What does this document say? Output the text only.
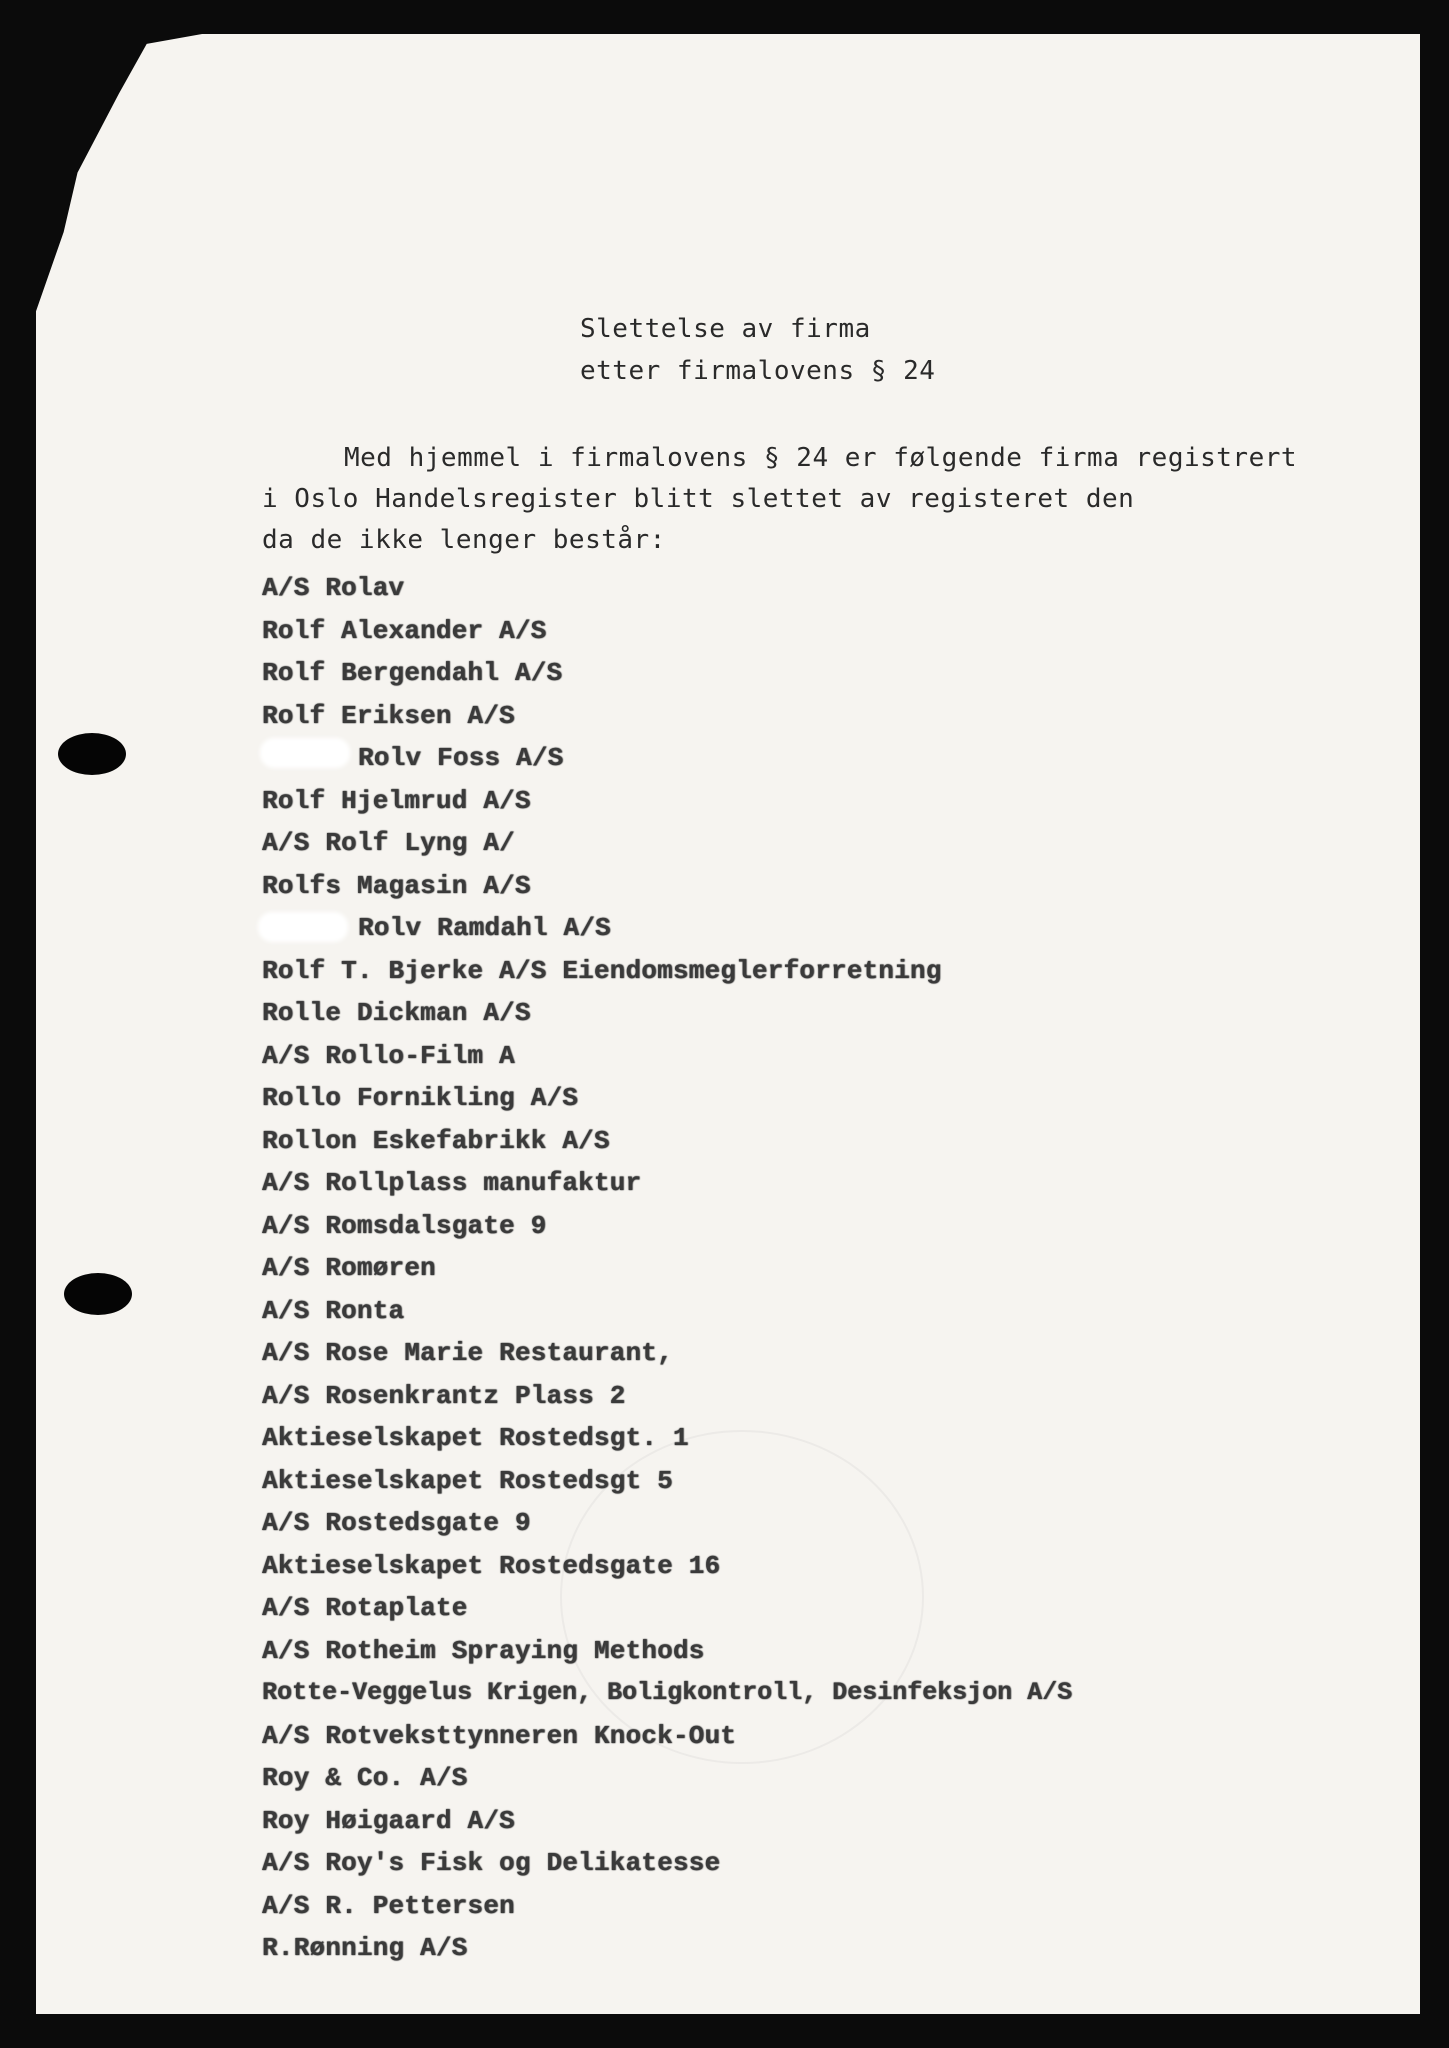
Slettelse av firma
etter firmalovens § 24
Med hjemmel i firmalovens § 24 er følgende firma registrert
i Oslo Handelsregister blitt slettet av registeret den
da de ikke lenger består:
A/S Rolav
Rolf Alexander A/S
Rolf Bergendahl A/S
Rolf Eriksen A/S
Rolv Foss A/S
Rolf Hjelmrud A/S
A/S Rolf Lyng A/
Rolfs Magasin A/S
Rolv Ramdahl A/S
Rolf T. Bjerke A/S Eiendomsmeglerforretning
Rolle Dickman A/S
A/S Rollo-Film A
Rollo Fornikling A/S
Rollon Eskefabrikk A/S
A/S Rollplass manufaktur
A/S Romsdalsgate 9
A/S Romøren
A/S Ronta
A/S Rose Marie Restaurant,
A/S Rosenkrantz Plass 2
Aktieselskapet Rostedsgt. 1
Aktieselskapet Rostedsgt 5
A/S Rostedsgate 9
Aktieselskapet Rostedsgate 16
A/S Rotaplate
A/S Rotheim Spraying Methods
Rotte-Veggelus Krigen, Boligkontroll, Desinfeksjon A/S
A/S Rotveksttynneren Knock-Out
Roy & Co. A/S
Roy Høigaard A/S
A/S Roy's Fisk og Delikatesse
A/S R. Pettersen
R.Rønning A/S
